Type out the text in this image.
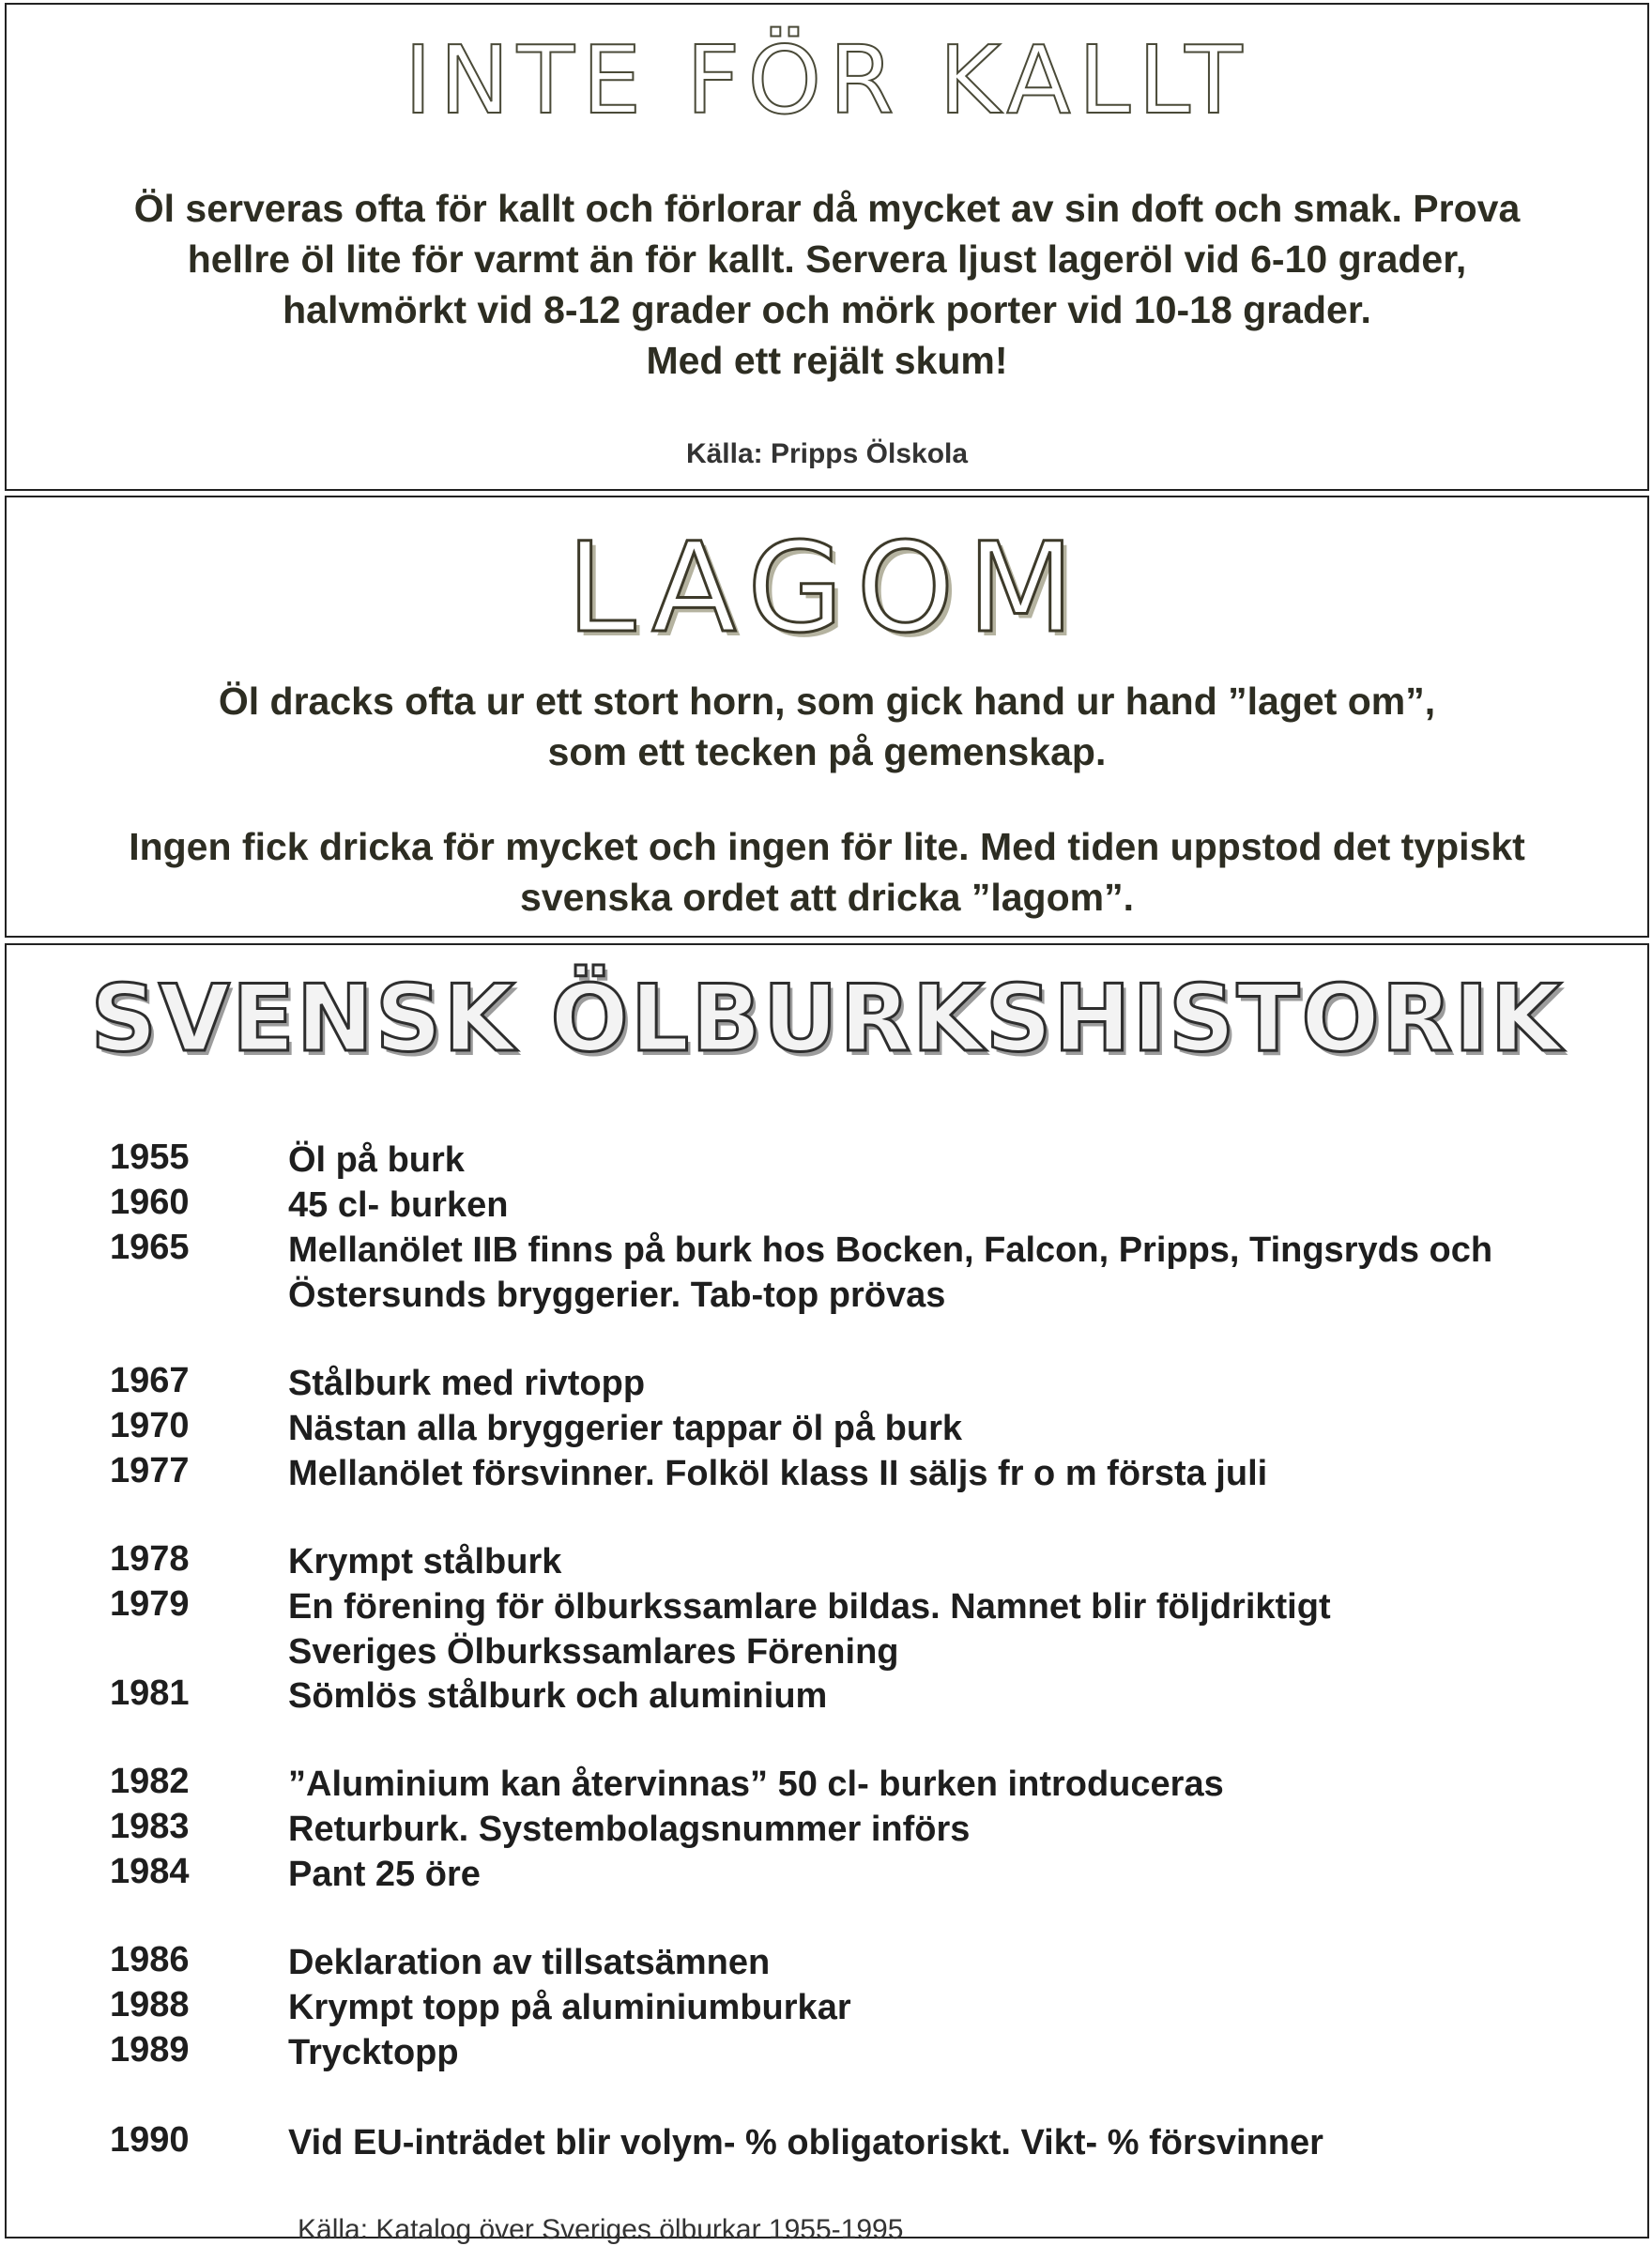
INTE FÖR KALLT
Öl serveras ofta för kallt och förlorar då mycket av sin doft och smak. Prova
hellre öl lite för varmt än för kallt. Servera ljust lageröl vid 6-10 grader,
halvmörkt vid 8-12 grader och mörk porter vid 10-18 grader.
Med ett rejält skum!
Källa: Pripps Ölskola
LAGOM
Öl dracks ofta ur ett stort horn, som gick hand ur hand ”laget om”,
som ett tecken på gemenskap.
Ingen fick dricka för mycket och ingen för lite. Med tiden uppstod det typiskt
svenska ordet att dricka ”lagom”.
SVENSK ÖLBURKSHISTORIK
1955	Öl på burk
1960	45 cl- burken
1965	Mellanölet IIB finns på burk hos Bocken, Falcon, Pripps, Tingsryds och
Östersunds bryggerier. Tab-top prövas
1967	Stålburk med rivtopp
1970	Nästan alla bryggerier tappar öl på burk
1977	Mellanölet försvinner. Folköl klass II säljs fr o m första juli
1978	Krympt stålburk
1979	En förening för ölburkssamlare bildas. Namnet blir följdriktigt
Sveriges Ölburkssamlares Förening
1981	Sömlös stålburk och aluminium
1982	”Aluminium kan återvinnas” 50 cl- burken introduceras
1983	Returburk. Systembolagsnummer införs
1984	Pant 25 öre
1986	Deklaration av tillsatsämnen
1988	Krympt topp på aluminiumburkar
1989	Trycktopp
1990	Vid EU-inträdet blir volym- % obligatoriskt. Vikt- % försvinner
Källa: Katalog över Sveriges ölburkar 1955-1995
